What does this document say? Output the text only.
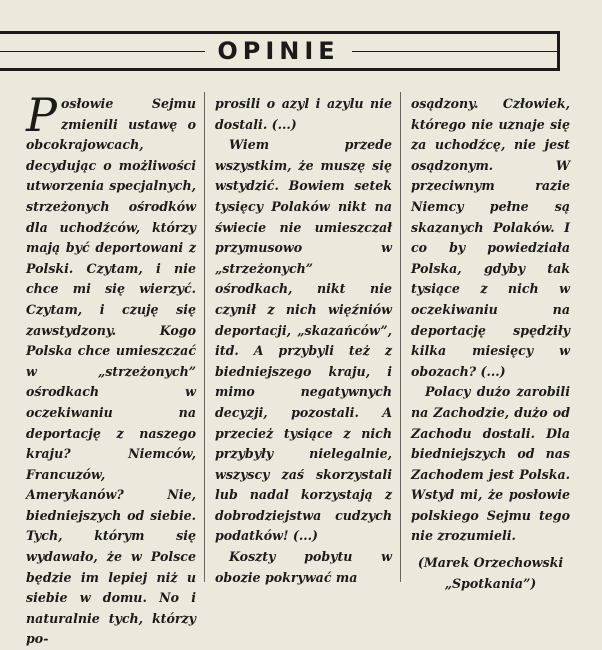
OPINIE

Posłowie Sejmu zmienili ustawę o obcokrajowcach, decydując o możliwości utworzenia specjalnych, strzeżonych ośrodków dla uchodźców, którzy mają być deportowani z Polski. Czytam, i nie chce mi się wierzyć. Czytam, i czuję się zawstydzony. Kogo Polska chce umieszczać w „strzeżonych” ośrodkach w oczekiwaniu na deportację z naszego kraju? Niemców, Francuzów, Amerykanów? Nie, biedniejszych od siebie. Tych, którym się wydawało, że w Polsce będzie im lepiej niż u siebie w domu. No i naturalnie tych, którzy po-

prosili o azyl i azylu nie dostali. (...)

Wiem przede wszystkim, że muszę się wstydzić. Bowiem setek tysięcy Polaków nikt na świecie nie umieszczał przymusowo w „strzeżonych” ośrodkach, nikt nie czynił z nich więźniów deportacji, „skazańców”, itd. A przybyli też z biedniejszego kraju, i mimo negatywnych decyzji, pozostali. A przecież tysiące z nich przybyły nielegalnie, wszyscy zaś skorzystali lub nadal korzystają z dobrodziejstwa cudzych podatków! (...)

Koszty pobytu w obozie pokrywać ma

osądzony. Człowiek, którego nie uznaje się za uchodźcę, nie jest osądzonym. W przeciwnym razie Niemcy pełne są skazanych Polaków. I co by powiedziała Polska, gdyby tak tysiące z nich w oczekiwaniu na deportację spędziły kilka miesięcy w obozach? (...)

Polacy dużo zarobili na Zachodzie, dużo od Zachodu dostali. Dla biedniejszych od nas Zachodem jest Polska. Wstyd mi, że posłowie polskiego Sejmu tego nie zrozumieli.

(Marek Orzechowski
„Spotkania”)
